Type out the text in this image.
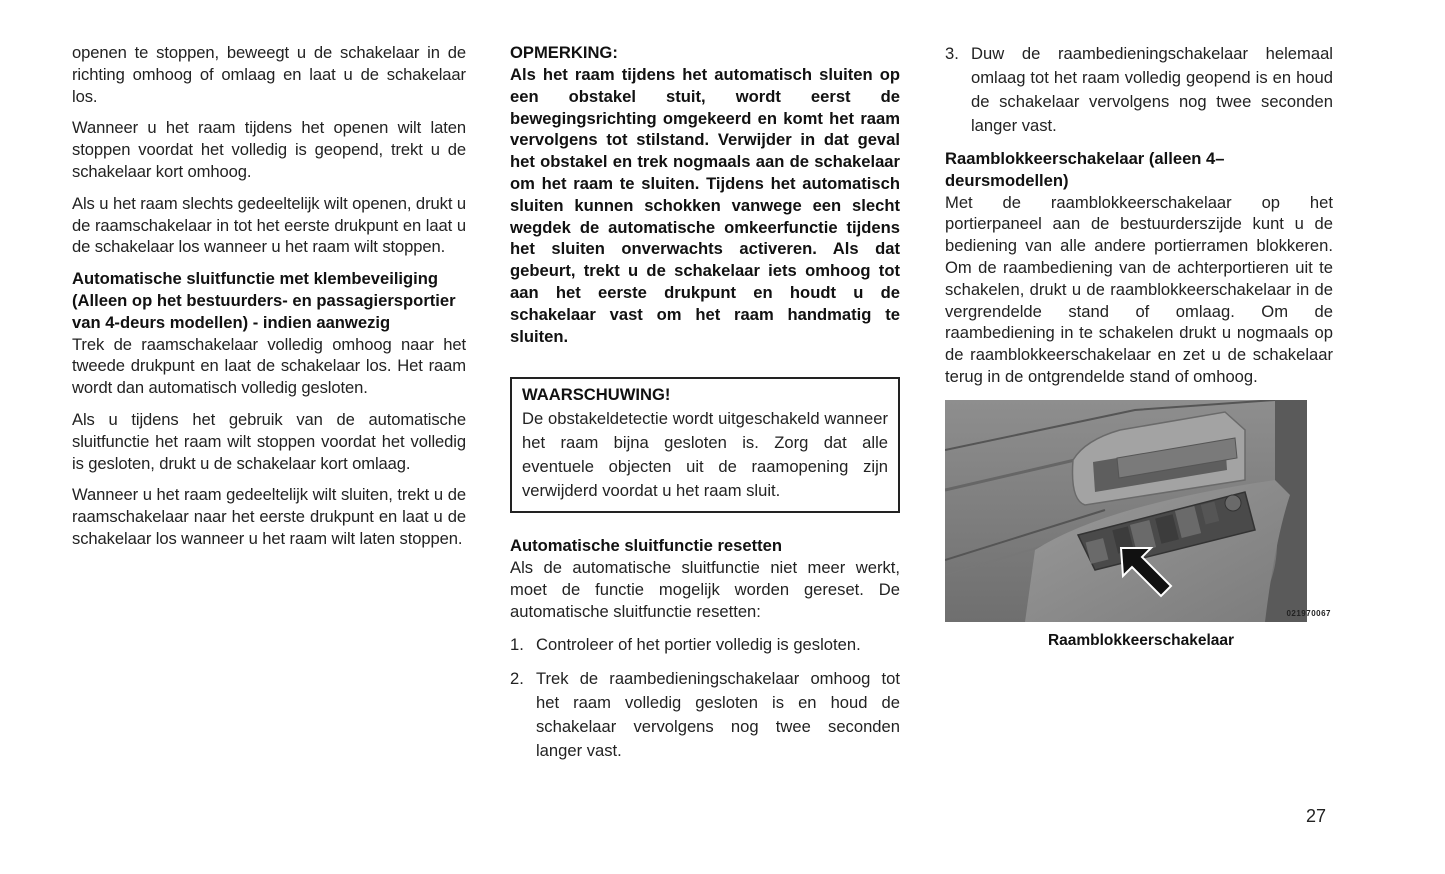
openen te stoppen, beweegt u de schakelaar in de richting omhoog of omlaag en laat u de schakelaar los.

Wanneer u het raam tijdens het openen wilt laten stoppen voordat het volledig is geopend, trekt u de schakelaar kort omhoog.

Als u het raam slechts gedeeltelijk wilt openen, drukt u de raamschakelaar in tot het eerste drukpunt en laat u de schakelaar los wanneer u het raam wilt stoppen.

Automatische sluitfunctie met klembeveiliging (Alleen op het bestuurders- en passagiersportier van 4-deurs modellen) - indien aanwezig

Trek de raamschakelaar volledig omhoog naar het tweede drukpunt en laat de schakelaar los. Het raam wordt dan automatisch volledig gesloten.

Als u tijdens het gebruik van de automatische sluitfunctie het raam wilt stoppen voordat het volledig is gesloten, drukt u de schakelaar kort omlaag.

Wanneer u het raam gedeeltelijk wilt sluiten, trekt u de raamschakelaar naar het eerste drukpunt en laat u de schakelaar los wanneer u het raam wilt laten stoppen.

OPMERKING:

Als het raam tijdens het automatisch sluiten op een obstakel stuit, wordt eerst de bewegingsrichting omgekeerd en komt het raam vervolgens tot stilstand. Verwijder in dat geval het obstakel en trek nogmaals aan de schakelaar om het raam te sluiten. Tijdens het automatisch sluiten kunnen schokken vanwege een slecht wegdek de automatische omkeerfunctie tijdens het sluiten onverwachts activeren. Als dat gebeurt, trekt u de schakelaar iets omhoog tot aan het eerste drukpunt en houdt u de schakelaar vast om het raam handmatig te sluiten.

WAARSCHUWING!

De obstakeldetectie wordt uitgeschakeld wanneer het raam bijna gesloten is. Zorg dat alle eventuele objecten uit de raamopening zijn verwijderd voordat u het raam sluit.

Automatische sluitfunctie resetten

Als de automatische sluitfunctie niet meer werkt, moet de functie mogelijk worden gereset. De automatische sluitfunctie resetten:

1. Controleer of het portier volledig is gesloten.
2. Trek de raambedieningschakelaar omhoog tot het raam volledig gesloten is en houd de schakelaar vervolgens nog twee seconden langer vast.
3. Duw de raambedieningschakelaar helemaal omlaag tot het raam volledig geopend is en houd de schakelaar vervolgens nog twee seconden langer vast.
Raamblokkeerschakelaar (alleen 4–deursmodellen)

Met de raamblokkeerschakelaar op het portierpaneel aan de bestuurderszijde kunt u de bediening van alle andere portierramen blokkeren. Om de raambediening van de achterportieren uit te schakelen, drukt u de raamblokkeerschakelaar in de vergrendelde stand of omlaag. Om de raambediening in te schakelen drukt u nogmaals op de raamblokkeerschakelaar en zet u de schakelaar terug in de ontgrendelde stand of omhoog.

021970067
Raamblokkeerschakelaar
27
